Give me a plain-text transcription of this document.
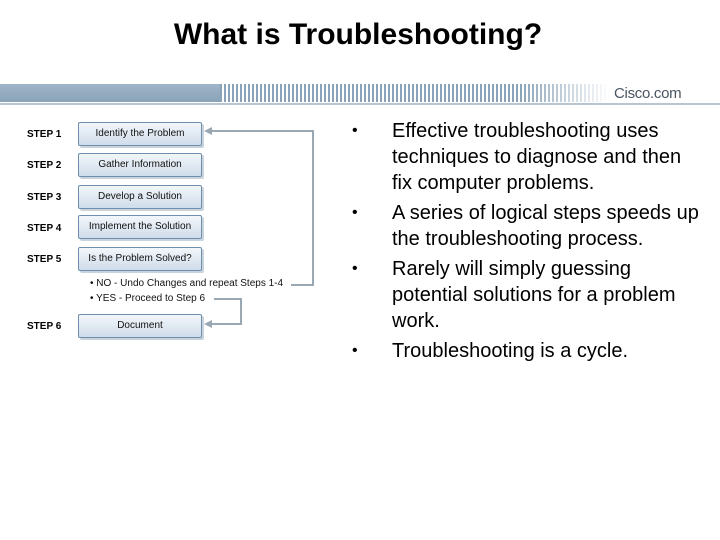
What is Troubleshooting?
Cisco.com
STEP 1	Identify the Problem
STEP 2	Gather Information
STEP 3	Develop a Solution
STEP 4	Implement the Solution
STEP 5	Is the Problem Solved?
STEP 6	Document
• NO - Undo Changes and repeat Steps 1-4
• YES - Proceed to Step 6
• Effective troubleshooting uses techniques to diagnose and then fix computer problems.
• A series of logical steps speeds up the troubleshooting process.
• Rarely will simply guessing potential solutions for a problem work.
• Troubleshooting is a cycle.
